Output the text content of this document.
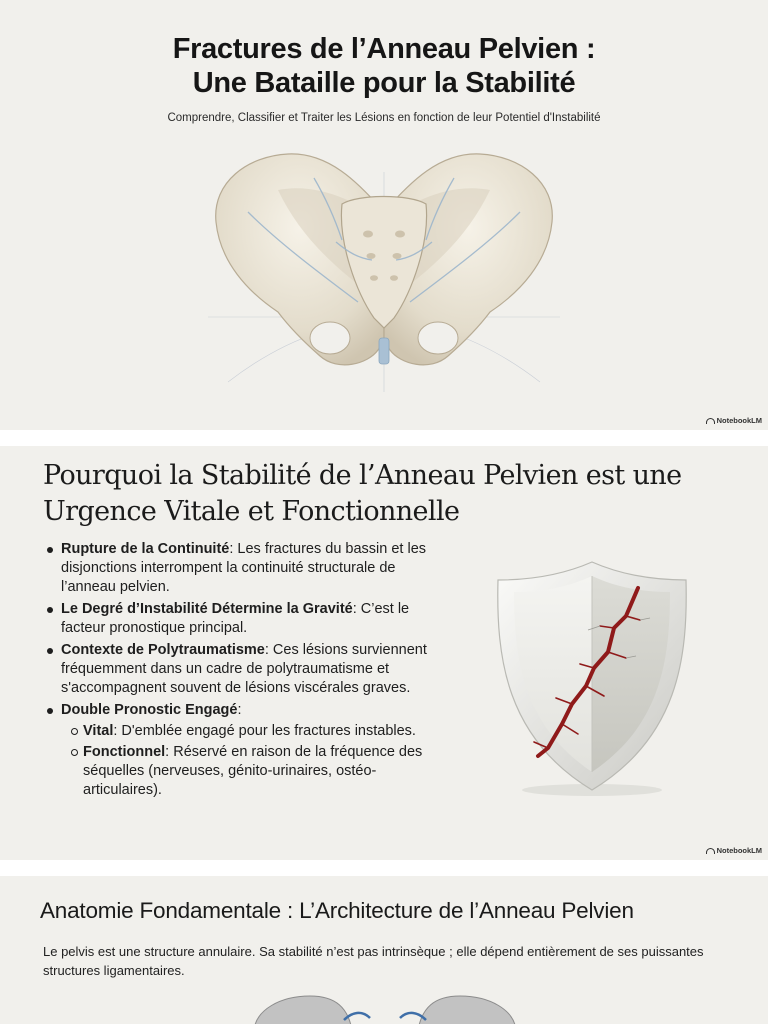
Fractures de l’Anneau Pelvien :
Une Bataille pour la Stabilité
Comprendre, Classifier et Traiter les Lésions en fonction de leur Potentiel d'Instabilité
NotebookLM
Pourquoi la Stabilité de l’Anneau Pelvien est une
Urgence Vitale et Fonctionnelle
Rupture de la Continuité: Les fractures du bassin et les disjonctions interrompent la continuité structurale de l’anneau pelvien.
Le Degré d’Instabilité Détermine la Gravité: C’est le facteur pronostique principal.
Contexte de Polytraumatisme: Ces lésions surviennent fréquemment dans un cadre de polytraumatisme et s'accompagnent souvent de lésions viscérales graves.
Double Pronostic Engagé:
Vital: D'emblée engagé pour les fractures instables.
Fonctionnel: Réservé en raison de la fréquence des séquelles (nerveuses, génito-urinaires, ostéo-articulaires).
NotebookLM
Anatomie Fondamentale : L’Architecture de l’Anneau Pelvien
Le pelvis est une structure annulaire. Sa stabilité n’est pas intrinsèque ; elle dépend entièrement de ses puissantes structures ligamentaires.
